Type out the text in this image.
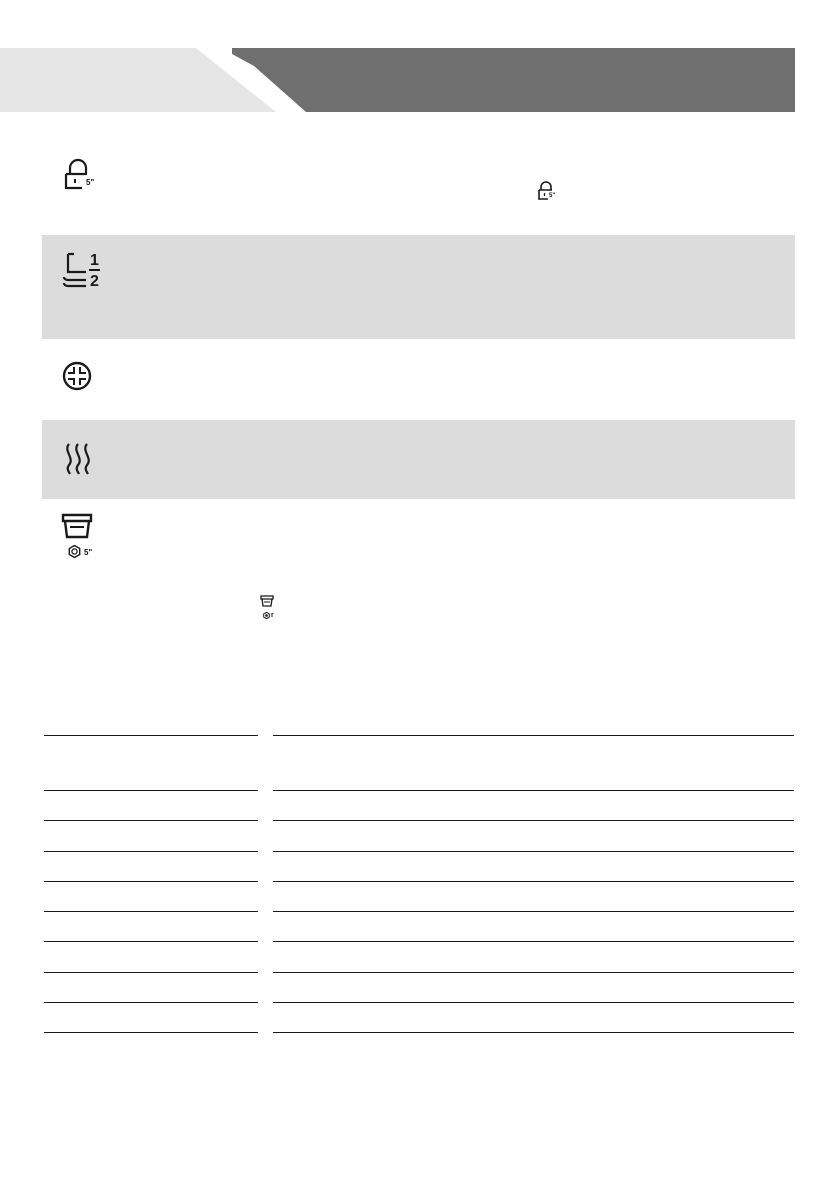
5"
5"
1
2
5"
r
